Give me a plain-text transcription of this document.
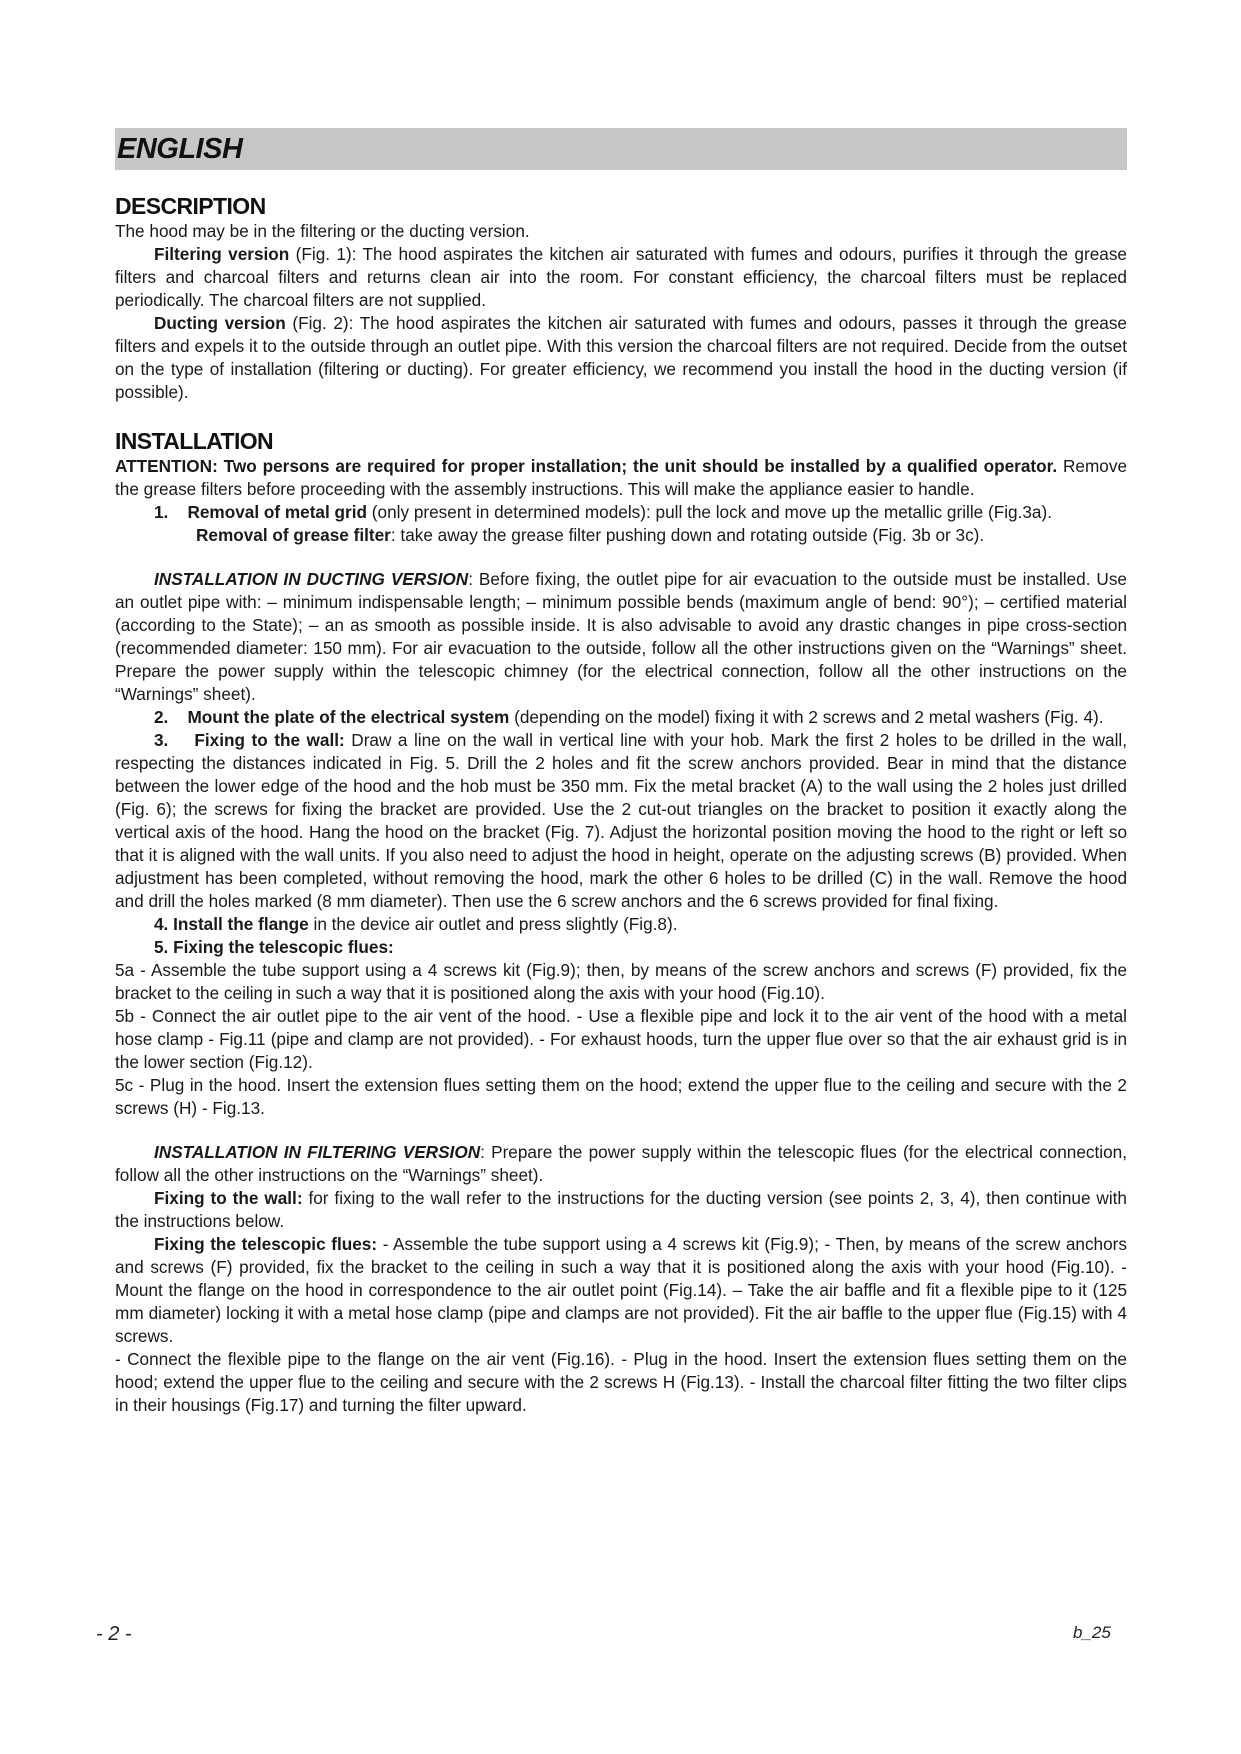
ENGLISH
DESCRIPTION

The hood may be in the filtering or the ducting version.

Filtering version (Fig. 1): The hood aspirates the kitchen air saturated with fumes and odours, purifies it through the grease filters and charcoal filters and returns clean air into the room. For constant efficiency, the charcoal filters must be replaced periodically. The charcoal filters are not supplied.

Ducting version (Fig. 2): The hood aspirates the kitchen air saturated with fumes and odours, passes it through the grease filters and expels it to the outside through an outlet pipe. With this version the charcoal filters are not required. Decide from the outset on the type of installation (filtering or ducting). For greater efficiency, we recommend you install the hood in the ducting version (if possible).

INSTALLATION

ATTENTION: Two persons are required for proper installation; the unit should be installed by a qualified operator. Remove the grease filters before proceeding with the assembly instructions. This will make the appliance easier to handle.

1. Removal of metal grid (only present in determined models): pull the lock and move up the metallic grille (Fig.3a).

Removal of grease filter: take away the grease filter pushing down and rotating outside (Fig. 3b or 3c).

INSTALLATION IN DUCTING VERSION: Before fixing, the outlet pipe for air evacuation to the outside must be installed. Use an outlet pipe with: – minimum indispensable length; – minimum possible bends (maximum angle of bend: 90°); – certified material (according to the State); – an as smooth as possible inside. It is also advisable to avoid any drastic changes in pipe cross-section (recommended diameter: 150 mm). For air evacuation to the outside, follow all the other instructions given on the “Warnings” sheet. Prepare the power supply within the telescopic chimney (for the electrical connection, follow all the other instructions on the “Warnings” sheet).

2. Mount the plate of the electrical system (depending on the model) fixing it with 2 screws and 2 metal washers (Fig. 4).

3. Fixing to the wall: Draw a line on the wall in vertical line with your hob. Mark the first 2 holes to be drilled in the wall, respecting the distances indicated in Fig. 5. Drill the 2 holes and fit the screw anchors provided. Bear in mind that the distance between the lower edge of the hood and the hob must be 350 mm. Fix the metal bracket (A) to the wall using the 2 holes just drilled (Fig. 6); the screws for fixing the bracket are provided. Use the 2 cut-out triangles on the bracket to position it exactly along the vertical axis of the hood. Hang the hood on the bracket (Fig. 7). Adjust the horizontal position moving the hood to the right or left so that it is aligned with the wall units. If you also need to adjust the hood in height, operate on the adjusting screws (B) provided. When adjustment has been completed, without removing the hood, mark the other 6 holes to be drilled (C) in the wall. Remove the hood and drill the holes marked (8 mm diameter). Then use the 6 screw anchors and the 6 screws provided for final fixing.

4. Install the flange in the device air outlet and press slightly (Fig.8).

5. Fixing the telescopic flues:

5a - Assemble the tube support using a 4 screws kit (Fig.9); then, by means of the screw anchors and screws (F) provided, fix the bracket to the ceiling in such a way that it is positioned along the axis with your hood (Fig.10).

5b - Connect the air outlet pipe to the air vent of the hood. - Use a flexible pipe and lock it to the air vent of the hood with a metal hose clamp - Fig.11 (pipe and clamp are not provided). - For exhaust hoods, turn the upper flue over so that the air exhaust grid is in the lower section (Fig.12).

5c - Plug in the hood. Insert the extension flues setting them on the hood; extend the upper flue to the ceiling and secure with the 2 screws (H) - Fig.13.

INSTALLATION IN FILTERING VERSION: Prepare the power supply within the telescopic flues (for the electrical connection, follow all the other instructions on the “Warnings” sheet).

Fixing to the wall: for fixing to the wall refer to the instructions for the ducting version (see points 2, 3, 4), then continue with the instructions below.

Fixing the telescopic flues: - Assemble the tube support using a 4 screws kit (Fig.9); - Then, by means of the screw anchors and screws (F) provided, fix the bracket to the ceiling in such a way that it is positioned along the axis with your hood (Fig.10). - Mount the flange on the hood in correspondence to the air outlet point (Fig.14). – Take the air baffle and fit a flexible pipe to it (125 mm diameter) locking it with a metal hose clamp (pipe and clamps are not provided). Fit the air baffle to the upper flue (Fig.15) with 4 screws.

- Connect the flexible pipe to the flange on the air vent (Fig.16). - Plug in the hood. Insert the extension flues setting them on the hood; extend the upper flue to the ceiling and secure with the 2 screws H (Fig.13). - Install the charcoal filter fitting the two filter clips in their housings (Fig.17) and turning the filter upward.

- 2 -	b_25
